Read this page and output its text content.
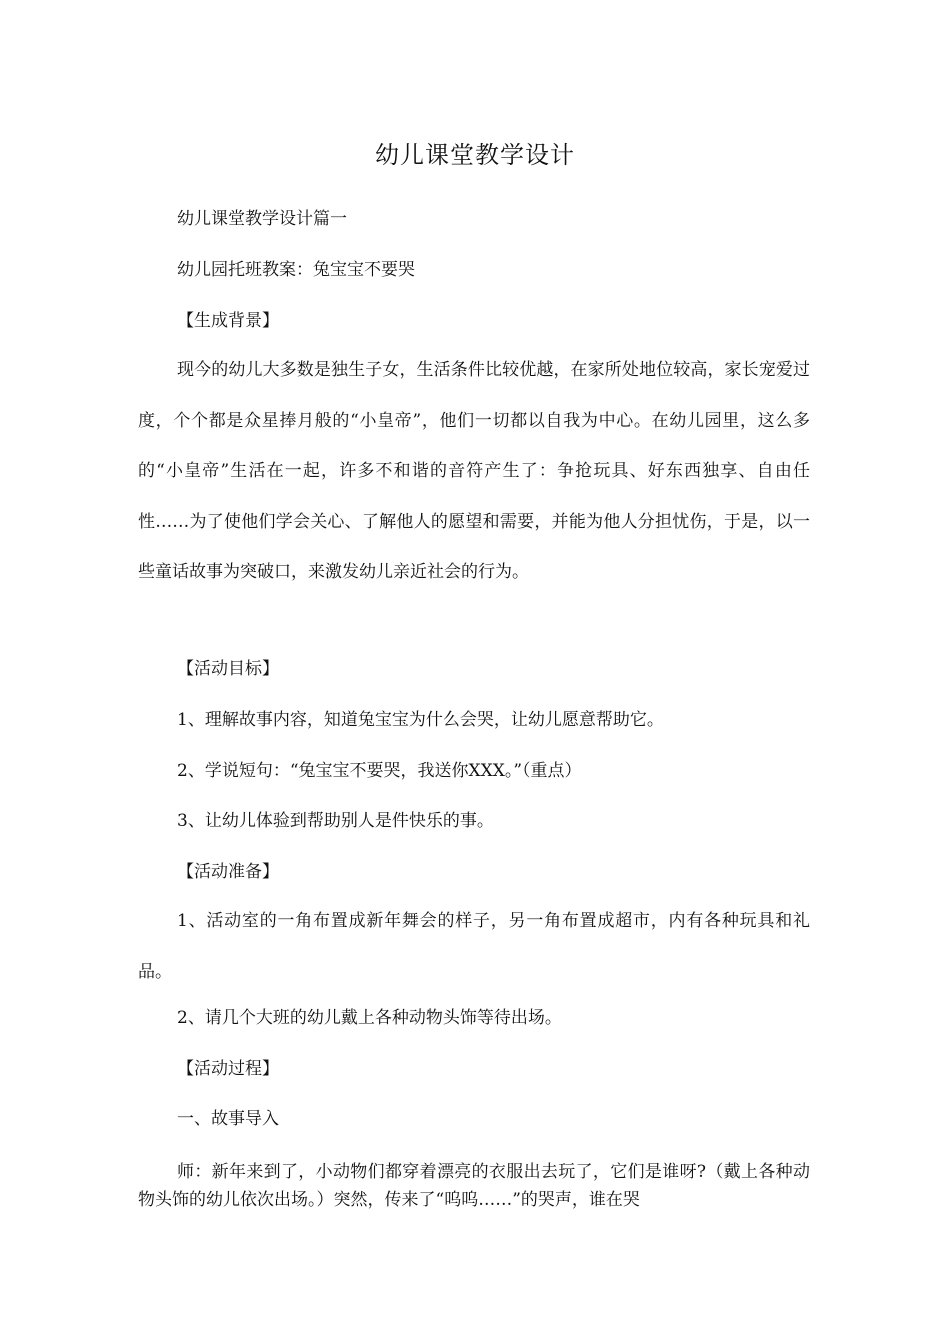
幼儿课堂教学设计
幼儿课堂教学设计篇一
幼儿园托班教案：兔宝宝不要哭
【生成背景】

现今的幼儿大多数是独生子女，生活条件比较优越，在家所处地位较高，家长宠爱过度，个个都是众星捧月般的“小皇帝”，他们一切都以自我为中心。在幼儿园里，这么多的“小皇帝”生活在一起，许多不和谐的音符产生了：争抢玩具、好东西独享、自由任性……为了使他们学会关心、了解他人的愿望和需要，并能为他人分担忧伤，于是，以一些童话故事为突破口，来激发幼儿亲近社会的行为。

【活动目标】
1、理解故事内容，知道兔宝宝为什么会哭，让幼儿愿意帮助它。
2、学说短句：“兔宝宝不要哭，我送你XXX。”（重点）
3、让幼儿体验到帮助别人是件快乐的事。
【活动准备】

1、活动室的一角布置成新年舞会的样子，另一角布置成超市，内有各种玩具和礼品。

2、请几个大班的幼儿戴上各种动物头饰等待出场。
【活动过程】
一、故事导入

师：新年来到了，小动物们都穿着漂亮的衣服出去玩了，它们是谁呀?（戴上各种动物头饰的幼儿依次出场。）突然，传来了“呜呜……”的哭声，谁在哭
